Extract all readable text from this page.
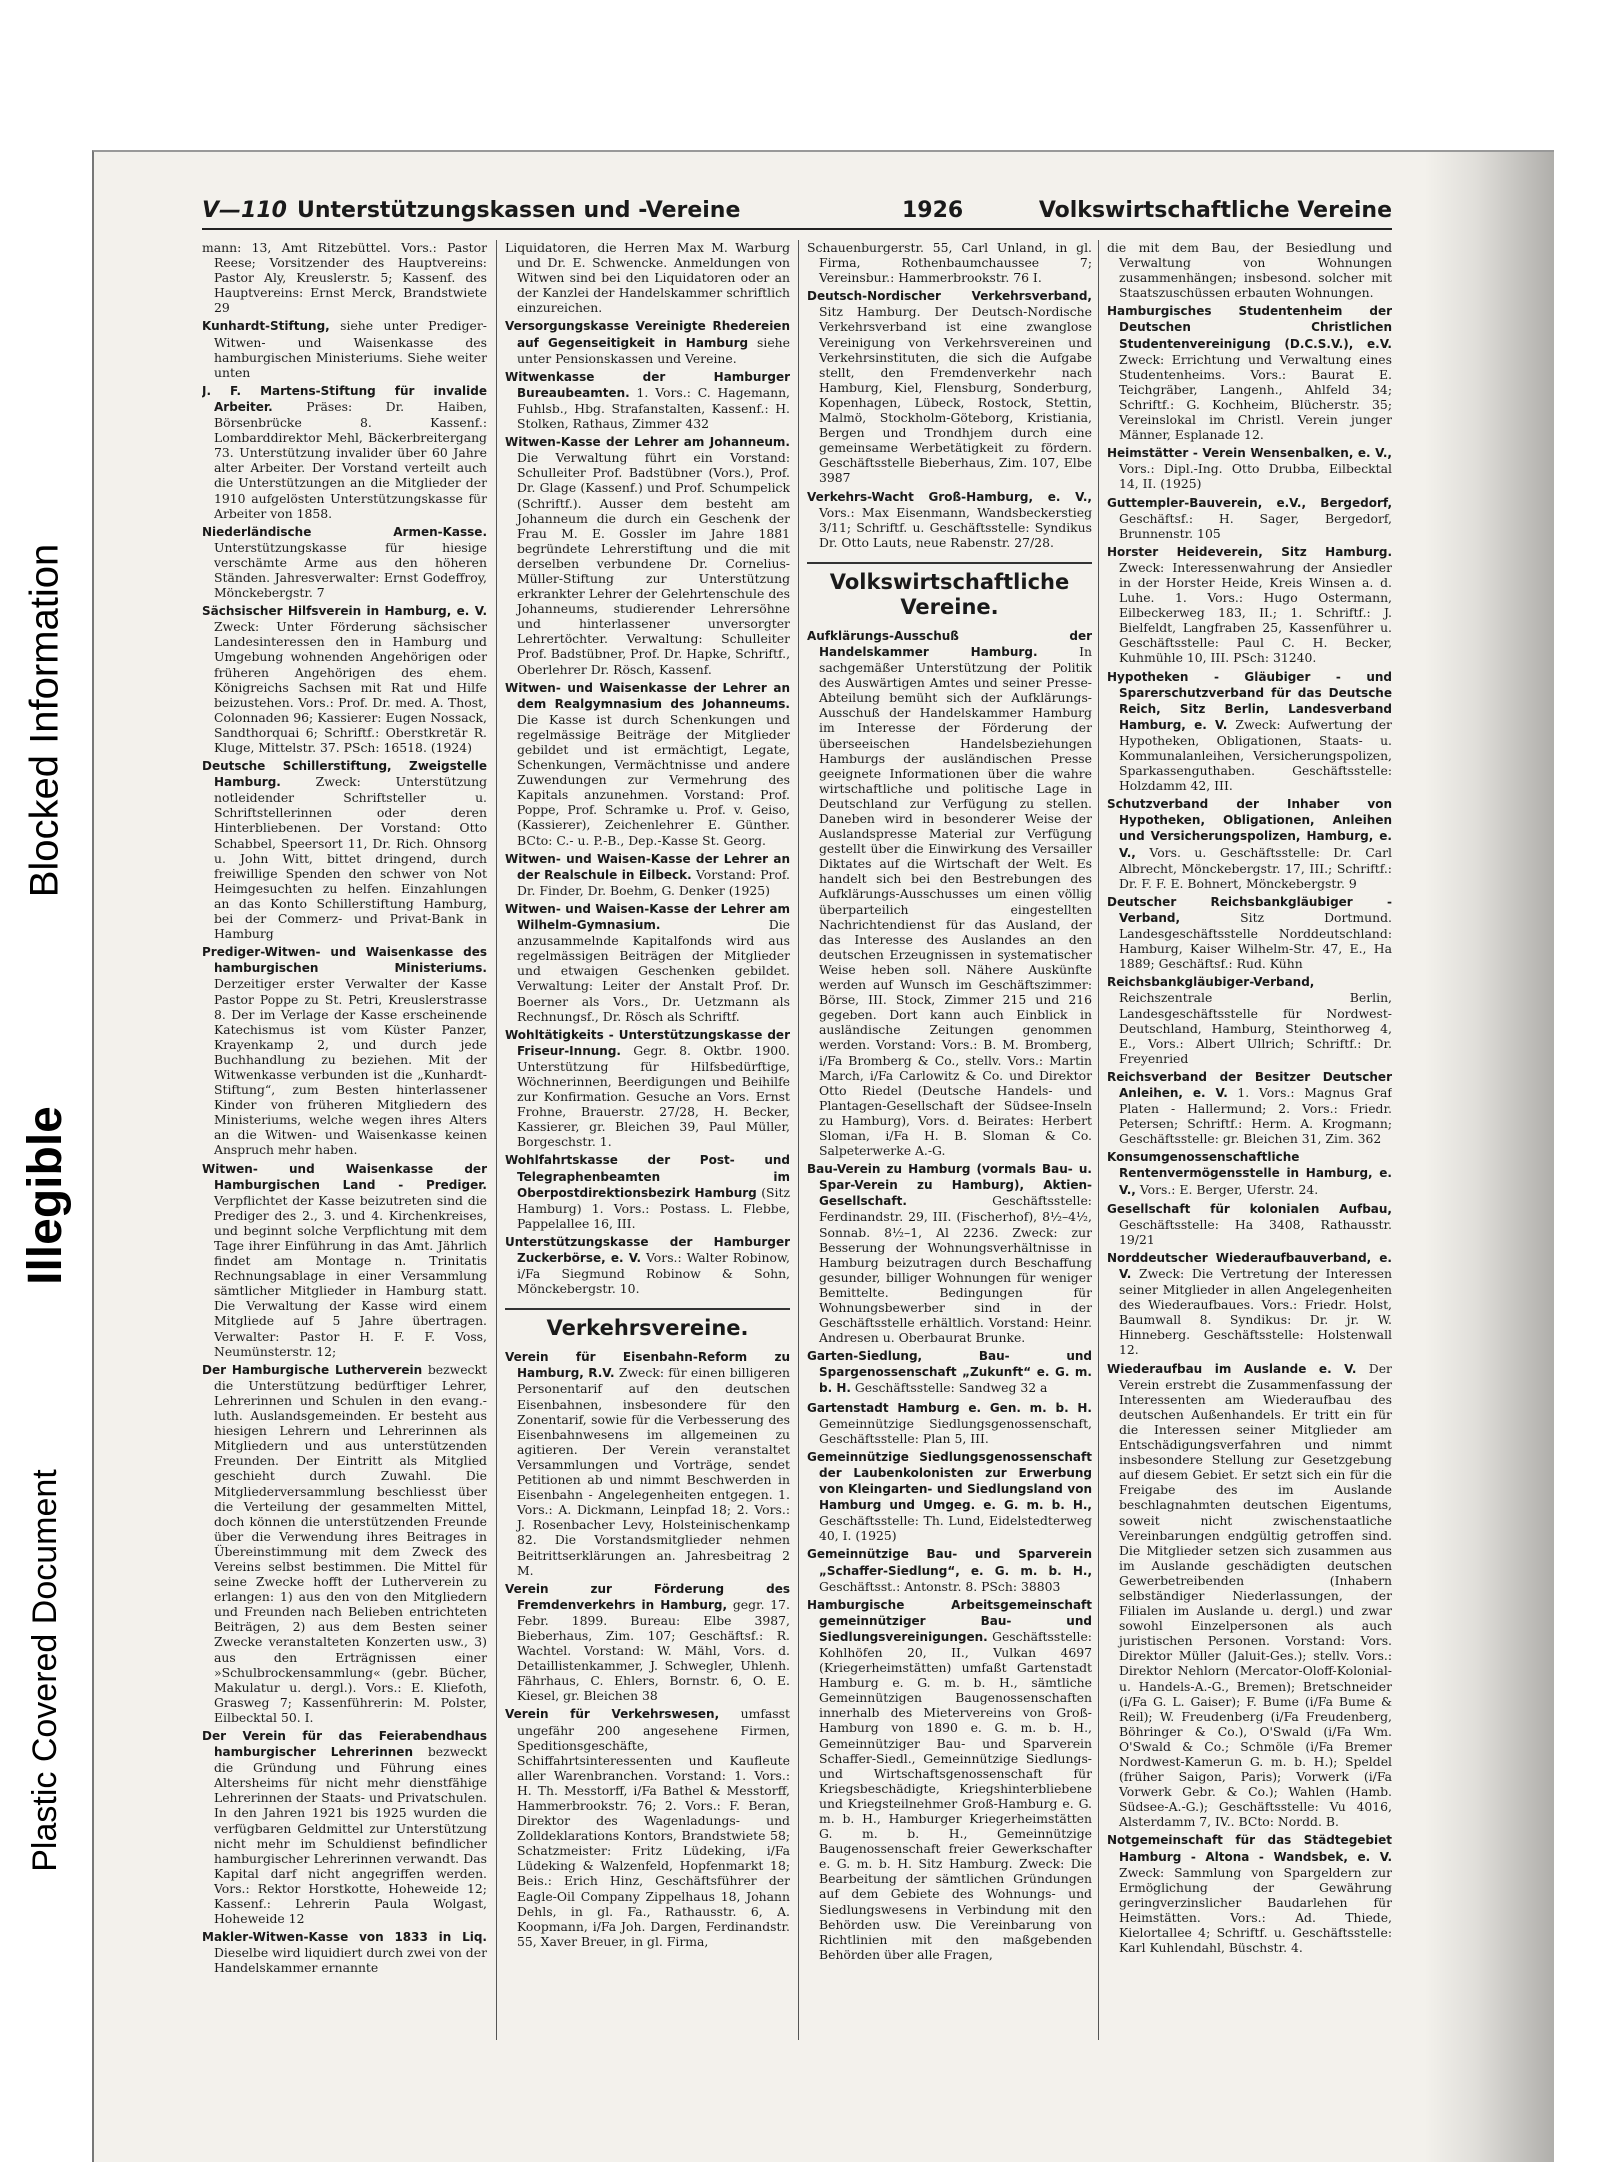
Blocked Information
Illegible
Plastic Covered Document
V—110 Unterstützungskassen und -Vereine	1926	Volkswirtschaftliche Vereine

mann: 13, Amt Ritzebüttel. Vors.: Pastor Reese; Vorsitzender des Hauptvereins: Pastor Aly, Kreuslerstr. 5; Kassenf. des Hauptvereins: Ernst Merck, Brandstwiete 29

Kunhardt-Stiftung, siehe unter Prediger-Witwen- und Waisenkasse des hamburgischen Ministeriums. Siehe weiter unten

J. F. Martens-Stiftung für invalide Arbeiter.	Präses: Dr. Haiben, Börsenbrücke 8. Kassenf.: Lombarddirektor Mehl, Bäckerbreitergang 73. Unterstützung invalider über 60 Jahre alter Arbeiter. Der Vorstand verteilt auch die Unterstützungen an die Mitglieder der 1910 aufgelösten Unterstützungskasse für Arbeiter von 1858.

Niederländische Armen-Kasse. Unterstützungskasse für hiesige verschämte Arme aus den höheren Ständen. Jahresverwalter: Ernst Godeffroy, Mönckebergstr. 7

Sächsischer Hilfsverein in Hamburg, e. V. Zweck: Unter Förderung sächsischer Landesinteressen den in Hamburg und Umgebung wohnenden Angehörigen oder früheren Angehörigen des ehem. Königreichs Sachsen mit Rat und Hilfe beizustehen. Vors.: Prof. Dr. med. A. Thost, Colonnaden 96; Kassierer: Eugen Nossack, Sandthorquai 6; Schriftf.: Oberstkretär R. Kluge, Mittelstr. 37. PSch: 16518. (1924)

Deutsche Schillerstiftung, Zweigstelle Hamburg.	Zweck: Unterstützung notleidender Schriftsteller u. Schriftstellerinnen oder deren Hinterbliebenen. Der Vorstand: Otto Schabbel, Speersort 11, Dr. Rich. Ohnsorg u. John Witt, bittet dringend, durch freiwillige Spenden den schwer von Not Heimgesuchten zu helfen. Einzahlungen an das Konto Schillerstiftung Hamburg, bei der Commerz- und Privat-Bank in Hamburg

Prediger-Witwen- und Waisenkasse des hamburgischen Ministeriums. Derzeitiger erster Verwalter der Kasse Pastor Poppe zu St. Petri, Kreuslerstrasse 8. Der im Verlage der Kasse erscheinende Katechismus ist vom Küster Panzer, Krayenkamp 2, und durch jede Buchhandlung zu beziehen. Mit der Witwenkasse verbunden ist die „Kunhardt-Stiftung“, zum Besten hinterlassener Kinder von früheren Mitgliedern des Ministeriums, welche wegen ihres Alters an die Witwen- und Waisenkasse keinen Anspruch mehr haben.

Witwen- und Waisenkasse der Hamburgischen Land - Prediger. Verpflichtet der Kasse beizutreten sind die Prediger des 2., 3. und 4. Kirchenkreises, und beginnt solche Verpflichtung mit dem Tage ihrer Einführung in das Amt. Jährlich findet am Montage n. Trinitatis Rechnungsablage in einer Versammlung sämtlicher Mitglieder in Hamburg statt. Die Verwaltung der Kasse wird einem Mitgliede auf 5 Jahre übertragen. Verwalter: Pastor H. F. F. Voss, Neumünsterstr. 12;

Der Hamburgische Lutherverein bezweckt die Unterstützung bedürftiger Lehrer, Lehrerinnen und Schulen in den evang.-luth. Auslandsgemeinden. Er besteht aus hiesigen Lehrern und Lehrerinnen als Mitgliedern und aus unterstützenden Freunden. Der Eintritt als Mitglied geschieht durch Zuwahl. Die Mitgliederversammlung beschliesst über die Verteilung der gesammelten Mittel, doch können die unterstützenden Freunde über die Verwendung ihres Beitrages in Übereinstimmung mit dem Zweck des Vereins selbst bestimmen. Die Mittel für seine Zwecke hofft der Lutherverein zu erlangen: 1) aus den von den Mitgliedern und Freunden nach Belieben entrichteten Beiträgen, 2) aus dem Besten seiner Zwecke veranstalteten Konzerten usw., 3) aus den Erträgnissen einer »Schulbrockensammlung« (gebr. Bücher, Makulatur u. dergl.). Vors.: E. Kliefoth, Grasweg 7; Kassenführerin: M. Polster, Eilbecktal 50. I.

Der Verein für das Feierabendhaus hamburgischer Lehrerinnen bezweckt die Gründung und Führung eines Altersheims für nicht mehr dienstfähige Lehrerinnen der Staats- und Privatschulen. In den Jahren 1921 bis 1925 wurden die verfügbaren Geldmittel zur Unterstützung nicht mehr im Schuldienst befindlicher hamburgischer Lehrerinnen verwandt. Das Kapital darf nicht angegriffen werden. Vors.: Rektor Horstkotte, Hoheweide 12; Kassenf.: Lehrerin Paula Wolgast, Hoheweide 12

Makler-Witwen-Kasse von 1833 in Liq. Dieselbe wird liquidiert durch zwei von der Handelskammer ernannte

Liquidatoren, die Herren Max M. Warburg und Dr. E. Schwencke. Anmeldungen von Witwen sind bei den Liquidatoren oder an der Kanzlei der Handelskammer schriftlich einzureichen.

Versorgungskasse Vereinigte Rhedereien auf Gegenseitigkeit in Hamburg siehe unter Pensionskassen und Vereine.

Witwenkasse der Hamburger Bureaubeamten. 1. Vors.: C. Hagemann, Fuhlsb., Hbg. Strafanstalten, Kassenf.: H. Stolken, Rathaus, Zimmer 432

Witwen-Kasse der Lehrer am Johanneum. Die Verwaltung führt ein Vorstand: Schulleiter Prof. Badstübner (Vors.), Prof. Dr. Glage (Kassenf.) und Prof. Schumpelick (Schriftf.). Ausser dem besteht am Johanneum die durch ein Geschenk der Frau M. E. Gossler im Jahre 1881 begründete Lehrerstiftung und die mit derselben verbundene Dr. Cornelius-Müller-Stiftung zur Unterstützung erkrankter Lehrer der Gelehrtenschule des Johanneums, studierender Lehrersöhne und hinterlassener unversorgter Lehrertöchter. Verwaltung: Schulleiter Prof. Badstübner, Prof. Dr. Hapke, Schriftf., Oberlehrer Dr. Rösch, Kassenf.

Witwen- und Waisenkasse der Lehrer an dem Realgymnasium des Johanneums. Die Kasse ist durch Schenkungen und regelmässige Beiträge der Mitglieder gebildet und ist ermächtigt, Legate, Schenkungen, Vermächtnisse und andere Zuwendungen zur Vermehrung des Kapitals anzunehmen. Vorstand: Prof. Poppe, Prof. Schramke u. Prof. v. Geiso, (Kassierer), Zeichenlehrer E. Günther. BCto: C.- u. P.-B., Dep.-Kasse St. Georg.

Witwen- und Waisen-Kasse der Lehrer an der Realschule in Eilbeck. Vorstand: Prof. Dr. Finder, Dr. Boehm, G. Denker (1925)

Witwen- und Waisen-Kasse der Lehrer am Wilhelm-Gymnasium.	Die anzusammelnde Kapitalfonds wird aus regelmässigen Beiträgen der Mitglieder und etwaigen Geschenken gebildet. Verwaltung: Leiter der Anstalt Prof. Dr. Boerner als Vors., Dr. Uetzmann als Rechnungsf., Dr. Rösch als Schriftf.

Wohltätigkeits - Unterstützungskasse der Friseur-Innung. Gegr. 8. Oktbr. 1900. Unterstützung für Hilfsbedürftige, Wöchnerinnen, Beerdigungen und Beihilfe zur Konfirmation. Gesuche an Vors. Ernst Frohne, Brauerstr. 27/28, H. Becker, Kassierer, gr. Bleichen 39, Paul Müller, Borgeschstr. 1.

Wohlfahrtskasse der Post- und Telegraphenbeamten im Oberpostdirektionsbezirk Hamburg (Sitz Hamburg) 1. Vors.: Postass. L. Flebbe, Pappelallee 16, III.

Unterstützungskasse der Hamburger Zuckerbörse, e. V. Vors.: Walter Robinow, i/Fa Siegmund Robinow & Sohn, Mönckebergstr. 10.

Verkehrsvereine.

Verein für Eisenbahn-Reform zu Hamburg, R.V. Zweck: für einen billigeren Personentarif auf den deutschen Eisenbahnen, insbesondere für den Zonentarif, sowie für die Verbesserung des Eisenbahnwesens im allgemeinen zu agitieren. Der Verein veranstaltet Versammlungen und Vorträge, sendet Petitionen ab und nimmt Beschwerden in Eisenbahn - Angelegenheiten entgegen. 1. Vors.: A. Dickmann, Leinpfad 18; 2. Vors.: J. Rosenbacher Levy, Holsteinischenkamp 82. Die Vorstandsmitglieder nehmen Beitrittserklärungen an. Jahresbeitrag 2 M.

Verein zur Förderung des Fremdenverkehrs in Hamburg, gegr. 17. Febr. 1899. Bureau: Elbe 3987, Bieberhaus, Zim. 107; Geschäftsf.: R. Wachtel. Vorstand: W. Mähl, Vors. d. Detaillistenkammer, J. Schwegler, Uhlenh. Fährhaus, C. Ehlers, Bornstr. 6, O. E. Kiesel, gr. Bleichen 38

Verein für Verkehrswesen, umfasst ungefähr 200 angesehene Firmen, Speditionsgeschäfte, Schiffahrtsinteressenten und Kaufleute aller Warenbranchen. Vorstand: 1. Vors.: H. Th. Messtorff, i/Fa Bathel & Messtorff, Hammerbrookstr. 76; 2. Vors.: F. Beran, Direktor des Wagenladungs- und Zolldeklarations Kontors, Brandstwiete 58; Schatzmeister: Fritz Lüdeking, i/Fa Lüdeking & Walzenfeld, Hopfenmarkt 18; Beis.: Erich Hinz, Geschäftsführer der Eagle-Oil Company Zippelhaus 18, Johann Dehls, in gl. Fa., Rathausstr. 6, A. Koopmann, i/Fa Joh. Dargen, Ferdinandstr. 55, Xaver Breuer, in gl. Firma,

Schauenburgerstr. 55, Carl Unland, in gl. Firma, Rothenbaumchaussee 7; Vereinsbur.: Hammerbrookstr. 76 I.

Deutsch-Nordischer Verkehrsverband, Sitz Hamburg. Der Deutsch-Nordische Verkehrsverband ist eine zwanglose Vereinigung von Verkehrsvereinen und Verkehrsinstituten, die sich die Aufgabe stellt, den Fremdenverkehr nach Hamburg, Kiel, Flensburg, Sonderburg, Kopenhagen, Lübeck, Rostock, Stettin, Malmö, Stockholm-Göteborg, Kristiania, Bergen und Trondhjem durch eine gemeinsame Werbetätigkeit zu fördern. Geschäftsstelle Bieberhaus, Zim. 107, Elbe 3987

Verkehrs-Wacht Groß-Hamburg, e. V., Vors.: Max Eisenmann, Wandsbeckerstieg 3/11; Schriftf. u. Geschäftsstelle: Syndikus Dr. Otto Lauts, neue Rabenstr. 27/28.

Volkswirtschaftliche Vereine.

Aufklärungs-Ausschuß der Handelskammer Hamburg.	In sachgemäßer Unterstützung der Politik des Auswärtigen Amtes und seiner Presse-Abteilung bemüht sich der Aufklärungs-Ausschuß der Handelskammer Hamburg im Interesse der Förderung der überseeischen Handelsbeziehungen Hamburgs der ausländischen Presse geeignete Informationen über die wahre wirtschaftliche und politische Lage in Deutschland zur Verfügung zu stellen. Daneben wird in besonderer Weise der Auslandspresse Material zur Verfügung gestellt über die Einwirkung des Versailler Diktates auf die Wirtschaft der Welt. Es handelt sich bei den Bestrebungen des Aufklärungs-Ausschusses um einen völlig überparteilich eingestellten Nachrichtendienst für das Ausland, der das Interesse des Auslandes an den deutschen Erzeugnissen in systematischer Weise heben soll. Nähere Auskünfte werden auf Wunsch im Geschäftszimmer: Börse, III. Stock, Zimmer 215 und 216 gegeben. Dort kann auch Einblick in ausländische Zeitungen genommen werden. Vorstand: Vors.: B. M. Bromberg, i/Fa Bromberg & Co., stellv. Vors.: Martin March, i/Fa Carlowitz & Co. und Direktor Otto Riedel (Deutsche Handels- und Plantagen-Gesellschaft der Südsee-Inseln zu Hamburg), Vors. d. Beirates: Herbert Sloman, i/Fa H. B. Sloman & Co. Salpeterwerke A.-G.

Bau-Verein zu Hamburg (vormals Bau- u. Spar-Verein zu Hamburg), Aktien-Gesellschaft.	Geschäftsstelle: Ferdinandstr. 29, III. (Fischerhof), 8½–4½, Sonnab. 8½–1, Al 2236. Zweck: zur Besserung der Wohnungsverhältnisse in Hamburg beizutragen durch Beschaffung gesunder, billiger Wohnungen für weniger Bemittelte. Bedingungen für Wohnungsbewerber sind in der Geschäftsstelle erhältlich. Vorstand: Heinr. Andresen u. Oberbaurat Brunke.

Garten-Siedlung, Bau- und Spargenossenschaft „Zukunft“ e. G. m. b. H. Geschäftsstelle: Sandweg 32 a

Gartenstadt Hamburg e. Gen. m. b. H. Gemeinnützige Siedlungsgenossenschaft, Geschäftsstelle: Plan 5, III.

Gemeinnützige Siedlungsgenossenschaft der Laubenkolonisten zur Erwerbung von Kleingarten- und Siedlungsland von Hamburg und Umgeg. e. G. m. b. H., Geschäftsstelle: Th. Lund, Eidelstedterweg 40, I. (1925)

Gemeinnützige Bau- und Sparverein „Schaffer-Siedlung“, e. G. m. b. H., Geschäftsst.: Antonstr. 8. PSch: 38803

Hamburgische Arbeitsgemeinschaft gemeinnütziger Bau- und Siedlungsvereinigungen. Geschäftsstelle: Kohlhöfen 20, II., Vulkan 4697 (Kriegerheimstätten) umfaßt Gartenstadt Hamburg e. G. m. b. H., sämtliche Gemeinnützigen Baugenossenschaften innerhalb des Mietervereins von Groß-Hamburg von 1890 e. G. m. b. H., Gemeinnütziger Bau- und Sparverein Schaffer-Siedl., Gemeinnützige Siedlungs- und Wirtschaftsgenossenschaft für Kriegsbeschädigte, Kriegshinterbliebene und Kriegsteilnehmer Groß-Hamburg e. G. m. b. H., Hamburger Kriegerheimstätten G. m. b. H., Gemeinnützige Baugenossenschaft freier Gewerkschafter e. G. m. b. H. Sitz Hamburg. Zweck: Die Bearbeitung der sämtlichen Gründungen auf dem Gebiete des Wohnungs- und Siedlungswesens in Verbindung mit den Behörden usw. Die Vereinbarung von Richtlinien mit den maßgebenden Behörden über alle Fragen,

die mit dem Bau, der Besiedlung und Verwaltung von Wohnungen zusammenhängen; insbesond. solcher mit Staatszuschüssen erbauten Wohnungen.

Hamburgisches Studentenheim der Deutschen Christlichen Studentenvereinigung (D.C.S.V.), e.V. Zweck: Errichtung und Verwaltung eines Studentenheims. Vors.: Baurat E. Teichgräber, Langenh., Ahlfeld 34; Schriftf.: G. Kochheim, Blücherstr. 35; Vereinslokal im Christl. Verein junger Männer, Esplanade 12.

Heimstätter - Verein Wensenbalken, e. V., Vors.: Dipl.-Ing. Otto Drubba, Eilbecktal 14, II. (1925)

Guttempler-Bauverein, e.V., Bergedorf, Geschäftsf.: H. Sager, Bergedorf, Brunnenstr. 105

Horster Heideverein, Sitz Hamburg. Zweck: Interessenwahrung der Ansiedler in der Horster Heide, Kreis Winsen a. d. Luhe. 1. Vors.: Hugo Ostermann, Eilbeckerweg 183, II.; 1. Schriftf.: J. Bielfeldt, Langfraben 25, Kassenführer u. Geschäftsstelle: Paul C. H. Becker, Kuhmühle 10, III. PSch: 31240.

Hypotheken - Gläubiger - und Sparerschutzverband für das Deutsche Reich, Sitz Berlin, Landesverband Hamburg, e. V. Zweck: Aufwertung der Hypotheken, Obligationen, Staats- u. Kommunalanleihen, Versicherungspolizen, Sparkassenguthaben. Geschäftsstelle: Holzdamm 42, III.

Schutzverband der Inhaber von Hypotheken, Obligationen, Anleihen und Versicherungspolizen, Hamburg, e. V., Vors. u. Geschäftsstelle: Dr. Carl Albrecht, Mönckebergstr. 17, III.; Schriftf.: Dr. F. F. E. Bohnert, Mönckebergstr. 9

Deutscher Reichsbankgläubiger - Verband,	Sitz Dortmund. Landesgeschäftsstelle Norddeutschland: Hamburg, Kaiser Wilhelm-Str. 47, E., Ha 1889; Geschäftsf.: Rud. Kühn

Reichsbankgläubiger-Verband, Reichszentrale Berlin, Landesgeschäftsstelle für Nordwest-Deutschland, Hamburg, Steinthorweg 4, E., Vors.: Albert Ullrich; Schriftf.: Dr. Freyenried

Reichsverband der Besitzer Deutscher Anleihen, e. V. 1. Vors.: Magnus Graf Platen - Hallermund; 2. Vors.: Friedr. Petersen; Schriftf.: Herm. A. Krogmann; Geschäftsstelle: gr. Bleichen 31, Zim. 362

Konsumgenossenschaftliche Rentenvermögensstelle in Hamburg, e. V., Vors.: E. Berger, Uferstr. 24.

Gesellschaft für kolonialen Aufbau, Geschäftsstelle: Ha 3408, Rathausstr. 19/21

Norddeutscher Wiederaufbauverband, e. V. Zweck: Die Vertretung der Interessen seiner Mitglieder in allen Angelegenheiten des Wiederaufbaues. Vors.: Friedr. Holst, Baumwall 8. Syndikus: Dr. jr. W. Hinneberg. Geschäftsstelle: Holstenwall 12.

Wiederaufbau im Auslande e. V. Der Verein erstrebt die Zusammenfassung der Interessenten am Wiederaufbau des deutschen Außenhandels. Er tritt ein für die Interessen seiner Mitglieder am Entschädigungsverfahren und nimmt insbesondere Stellung zur Gesetzgebung auf diesem Gebiet. Er setzt sich ein für die Freigabe des im Auslande beschlagnahmten deutschen Eigentums, soweit nicht zwischenstaatliche Vereinbarungen endgültig getroffen sind. Die Mitglieder setzen sich zusammen aus im Auslande geschädigten deutschen Gewerbetreibenden (Inhabern selbständiger Niederlassungen, der Filialen im Auslande u. dergl.) und zwar sowohl Einzelpersonen als auch juristischen Personen. Vorstand: Vors. Direktor Müller (Jaluit-Ges.); stellv. Vors.: Direktor Nehlorn (Mercator-Oloff-Kolonial- u. Handels-A.-G., Bremen); Bretschneider (i/Fa G. L. Gaiser); F. Bume (i/Fa Bume & Reil); W. Freudenberg (i/Fa Freudenberg, Böhringer & Co.), O'Swald (i/Fa Wm. O'Swald & Co.; Schmöle (i/Fa Bremer Nordwest-Kamerun G. m. b. H.); Speldel (früher Saigon, Paris); Vorwerk (i/Fa Vorwerk Gebr. & Co.); Wahlen (Hamb. Südsee-A.-G.); Geschäftsstelle: Vu 4016, Alsterdamm 7, IV.. BCto: Nordd. B.

Notgemeinschaft für das Städtegebiet Hamburg - Altona - Wandsbek, e. V. Zweck: Sammlung von Spargeldern zur Ermöglichung der Gewährung geringverzinslicher Baudarlehen für Heimstätten. Vors.: Ad. Thiede, Kielortallee 4; Schriftf. u. Geschäftsstelle: Karl Kuhlendahl, Büschstr. 4.
